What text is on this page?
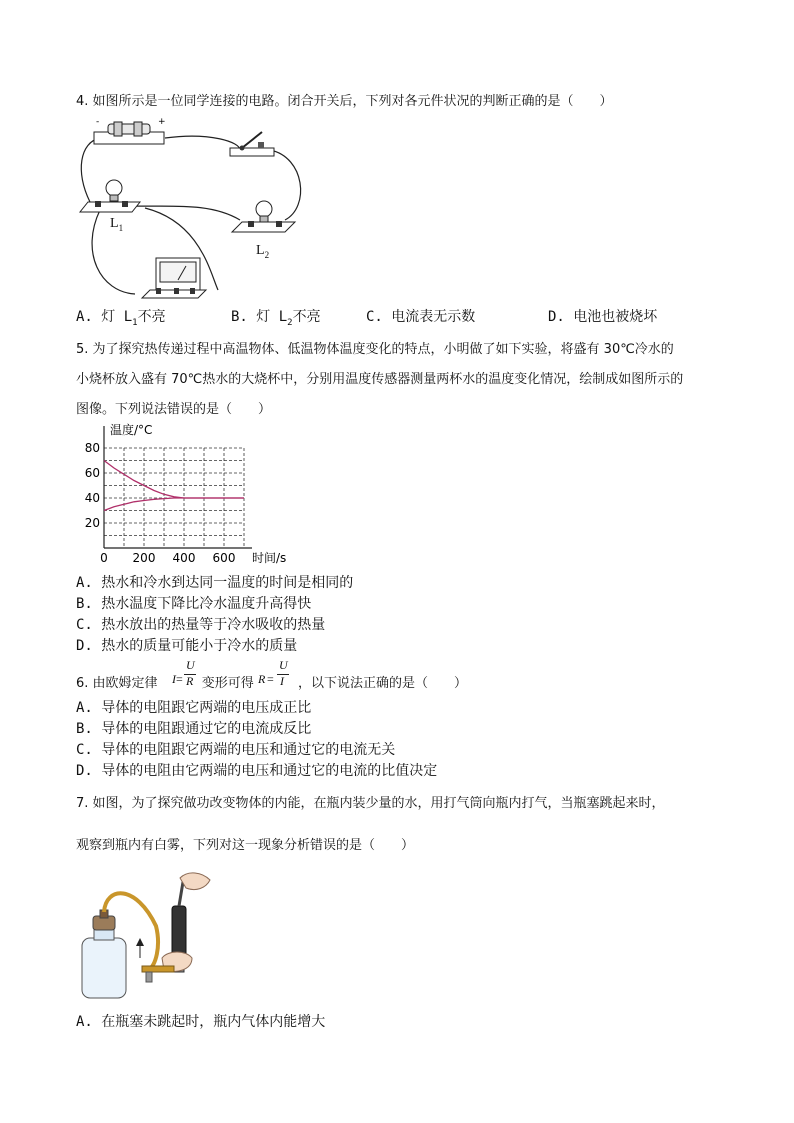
4. 如图所示是一位同学连接的电路。闭合开关后，下列对各元件状况的判断正确的是（　　）
-	+
$L_1$
$L_2$
A. 灯 $L_1$不亮	B. 灯 $L_2$不亮	C. 电流表无示数	D. 电池也被烧坏
5. 为了探究热传递过程中高温物体、低温物体温度变化的特点，小明做了如下实验，将盛有 30℃冷水的
小烧杯放入盛有 70℃热水的大烧杯中，分别用温度传感器测量两杯水的温度变化情况，绘制成如图所示的
图像。下列说法错误的是（　　）
20
40
60
80
0 200 400 600
温度/°C
时间/s
A. 热水和冷水到达同一温度的时间是相同的
B. 热水温度下降比冷水温度升高得快
C. 热水放出的热量等于冷水吸收的热量
D. 热水的质量可能小于冷水的质量
6. 由欧姆定律	变形可得	，以下说法正确的是（　　）
I =
U
R	R =
U
I
A. 导体的电阻跟它两端的电压成正比
B. 导体的电阻跟通过它的电流成反比
C. 导体的电阻跟它两端的电压和通过它的电流无关
D. 导体的电阻由它两端的电压和通过它的电流的比值决定
7. 如图，为了探究做功改变物体的内能，在瓶内装少量的水，用打气筒向瓶内打气，当瓶塞跳起来时，
观察到瓶内有白雾，下列对这一现象分析错误的是（　　）
A. 在瓶塞未跳起时，瓶内气体内能增大
